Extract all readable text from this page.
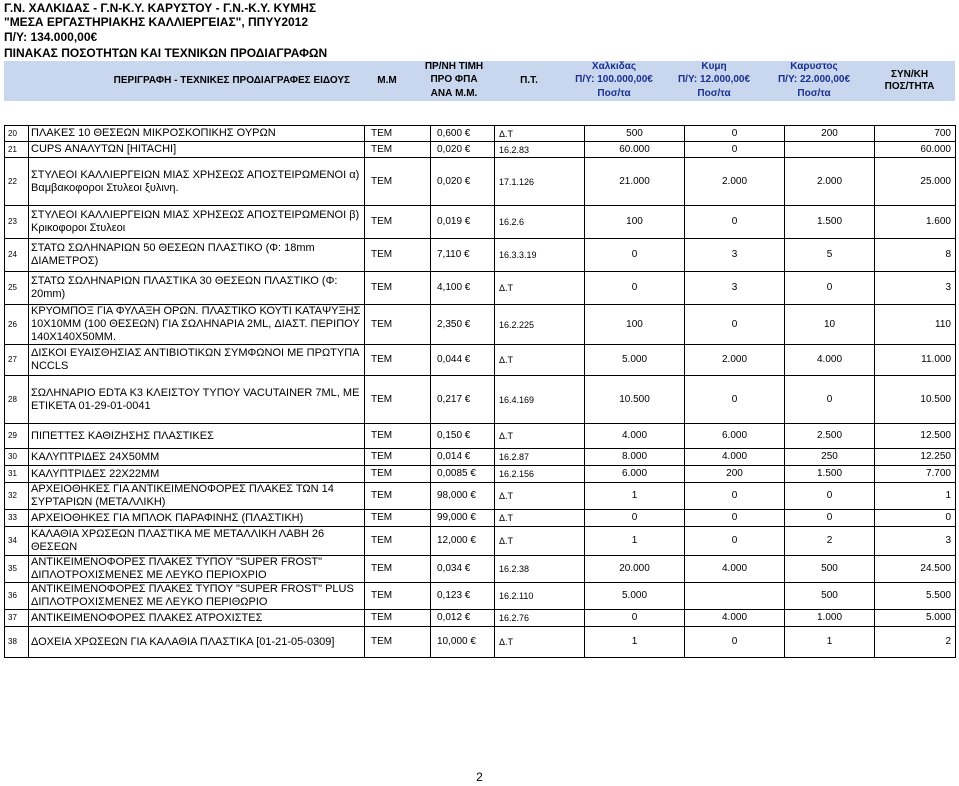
Γ.Ν. ΧΑΛΚΙΔΑΣ - Γ.Ν-Κ.Υ. ΚΑΡΥΣΤΟΥ - Γ.Ν.-Κ.Υ. ΚΥΜΗΣ
"ΜΕΣΑ ΕΡΓΑΣΤΗΡΙΑΚΗΣ ΚΑΛΛΙΕΡΓΕΙΑΣ", ΠΠΥΥ2012
Π/Υ: 134.000,00€
ΠΙΝΑΚΑΣ ΠΟΣΟΤΗΤΩΝ ΚΑΙ ΤΕΧΝΙΚΩΝ ΠΡΟΔΙΑΓΡΑΦΩΝ
	ΠΕΡΙΓΡΑΦΗ - ΤΕΧΝΙΚΕΣ ΠΡΟΔΙΑΓΡΑΦΕΣ ΕΙΔΟΥΣ	Μ.Μ	ΠΡ/ΝΗ ΤΙΜΗ	Π.Τ.	Χαλκιδας	Κυμη	Καρυστος	ΣΥΝ/ΚΗ
ΠΟΣ/ΤΗΤΑ

			ΠΡΟ ΦΠΑ		Π/Υ: 100.000,00€	Π/Υ: 12.000,00€	Π/Υ: 22.000,00€	
			ΑΝΑ Μ.Μ.		Ποσ/τα	Ποσ/τα	Ποσ/τα	
20	ΠΛΑΚΕΣ 10 ΘΕΣΕΩΝ ΜΙΚΡΟΣΚΟΠΙΚΗΣ ΟΥΡΩΝ	ΤΕΜ	0,600 €	Δ.Τ	500	0	200	700
21	CUPS ΑΝΑΛΥΤΩΝ [HITACHI]	ΤΕΜ	0,020 €	16.2.83	60.000	0		60.000
22	ΣΤΥΛΕΟΙ ΚΑΛΛΙΕΡΓΕΙΩΝ ΜΙΑΣ ΧΡΗΣΕΩΣ ΑΠΟΣΤΕΙΡΩΜΕΝΟΙ α) Βαμβακοφοροι Στυλεοι ξυλινη.	ΤΕΜ	0,020 €	17.1.126	21.000	2.000	2.000	25.000
23	ΣΤΥΛΕΟΙ ΚΑΛΛΙΕΡΓΕΙΩΝ ΜΙΑΣ ΧΡΗΣΕΩΣ ΑΠΟΣΤΕΙΡΩΜΕΝΟΙ β) Κρικοφοροι Στυλεοι	ΤΕΜ	0,019 €	16.2.6	100	0	1.500	1.600
24	ΣΤΑΤΩ ΣΩΛΗΝΑΡΙΩΝ 50 ΘΕΣΕΩΝ ΠΛΑΣΤΙΚΟ (Φ: 18mm ΔΙΑΜΕΤΡΟΣ)	ΤΕΜ	7,110 €	16.3.3.19	0	3	5	8
25	ΣΤΑΤΩ ΣΩΛΗΝΑΡΙΩΝ ΠΛΑΣΤΙΚΑ 30 ΘΕΣΕΩΝ ΠΛΑΣΤΙΚΟ (Φ: 20mm)	ΤΕΜ	4,100 €	Δ.Τ	0	3	0	3
26	ΚΡΥΟΜΠΟΞ ΓΙΑ ΦΥΛΑΞΗ ΟΡΩΝ. ΠΛΑΣΤΙΚΟ ΚΟΥΤΙ ΚΑΤΑΨΥΞΗΣ 10Χ10ΜΜ (100 ΘΕΣΕΩΝ) ΓΙΑ ΣΩΛΗΝΑΡΙΑ 2ML, ΔΙΑΣΤ. ΠΕΡΙΠΟΥ 140Χ140Χ50ΜΜ.	ΤΕΜ	2,350 €	16.2.225	100	0	10	110
27	ΔΙΣΚΟΙ ΕΥΑΙΣΘΗΣΙΑΣ ΑΝΤΙΒΙΟΤΙΚΩΝ ΣΥΜΦΩΝΟΙ ΜΕ ΠΡΩΤΥΠΑ NCCLS	ΤΕΜ	0,044 €	Δ.Τ	5.000	2.000	4.000	11.000
28	ΣΩΛΗΝΑΡΙΟ EDTA K3 ΚΛΕΙΣΤΟΥ ΤΥΠΟΥ VACUTAINER 7ML, ΜΕ ΕΤΙΚΕΤΑ 01-29-01-0041	ΤΕΜ	0,217 €	16.4.169	10.500	0	0	10.500
29	ΠΙΠΕΤΤΕΣ ΚΑΘΙΖΗΣΗΣ ΠΛΑΣΤΙΚΕΣ	ΤΕΜ	0,150 €	Δ.Τ	4.000	6.000	2.500	12.500
30	ΚΑΛΥΠΤΡΙΔΕΣ 24Χ50ΜΜ	ΤΕΜ	0,014 €	16.2.87	8.000	4.000	250	12.250
31	ΚΑΛΥΠΤΡΙΔΕΣ 22Χ22ΜΜ	ΤΕΜ	0,0085 €	16.2.156	6.000	200	1.500	7.700
32	ΑΡΧΕΙΟΘΗΚΕΣ ΓΙΑ ΑΝΤΙΚΕΙΜΕΝΟΦΟΡΕΣ ΠΛΑΚΕΣ ΤΩΝ 14 ΣΥΡΤΑΡΙΩΝ (ΜΕΤΑΛΛΙΚΗ)	ΤΕΜ	98,000 €	Δ.Τ	1	0	0	1
33	ΑΡΧΕΙΟΘΗΚΕΣ ΓΙΑ ΜΠΛΟΚ ΠΑΡΑΦΙΝΗΣ (ΠΛΑΣΤΙΚΗ)	ΤΕΜ	99,000 €	Δ.Τ	0	0	0	0
34	ΚΑΛΑΘΙΑ ΧΡΩΣΕΩΝ ΠΛΑΣΤΙΚΑ ΜΕ ΜΕΤΑΛΛΙΚΗ ΛΑΒΗ 26 ΘΕΣΕΩΝ	ΤΕΜ	12,000 €	Δ.Τ	1	0	2	3
35	ΑΝΤΙΚΕΙΜΕΝΟΦΟΡΕΣ ΠΛΑΚΕΣ ΤΥΠΟΥ "SUPER FROST" ΔΙΠΛΟΤΡΟΧΙΣΜΕΝΕΣ ΜΕ ΛΕΥΚΟ ΠΕΡΙΟΧΡΙΟ	ΤΕΜ	0,034 €	16.2.38	20.000	4.000	500	24.500
36	ΑΝΤΙΚΕΙΜΕΝΟΦΟΡΕΣ ΠΛΑΚΕΣ ΤΥΠΟΥ "SUPER FROST" PLUS ΔΙΠΛΟΤΡΟΧΙΣΜΕΝΕΣ ΜΕ ΛΕΥΚΟ ΠΕΡΙΘΩΡΙΟ	ΤΕΜ	0,123 €	16.2.110	5.000		500	5.500
37	ΑΝΤΙΚΕΙΜΕΝΟΦΟΡΕΣ ΠΛΑΚΕΣ ΑΤΡΟΧΙΣΤΕΣ	ΤΕΜ	0,012 €	16.2.76	0	4.000	1.000	5.000
38	ΔΟΧΕΙΑ ΧΡΩΣΕΩΝ ΓΙΑ ΚΑΛΑΘΙΑ ΠΛΑΣΤΙΚΑ [01-21-05-0309]	ΤΕΜ	10,000 €	Δ.Τ	1	0	1	2
2
